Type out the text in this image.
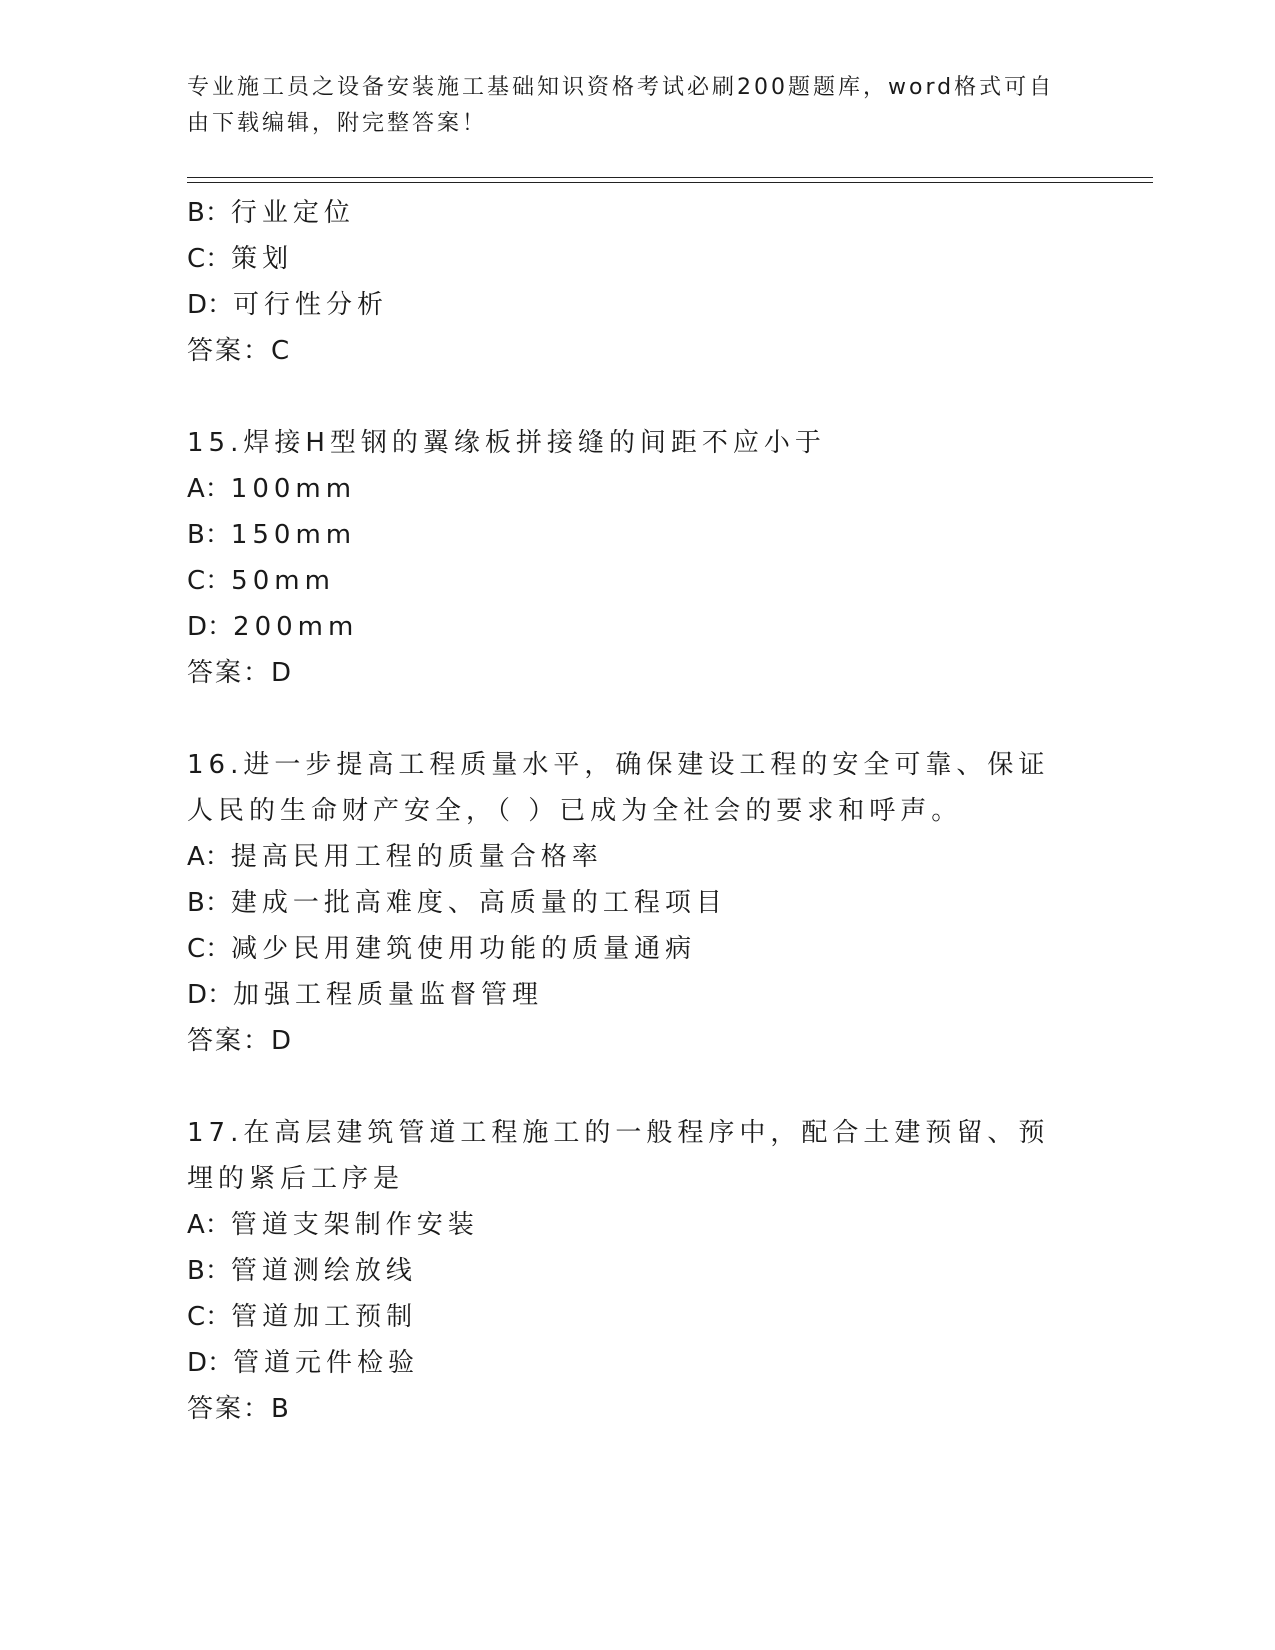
专业施工员之设备安装施工基础知识资格考试必刷200题题库，word格式可自由下载编辑，附完整答案！
B：行业定位
C：策划
D：可行性分析
答案：C
15.焊接H型钢的翼缘板拼接缝的间距不应小于
A：100mm
B：150mm
C：50mm
D：200mm
答案：D
16.进一步提高工程质量水平，确保建设工程的安全可靠、保证人民的生命财产安全，（ ）已成为全社会的要求和呼声。
A：提高民用工程的质量合格率
B：建成一批高难度、高质量的工程项目
C：减少民用建筑使用功能的质量通病
D：加强工程质量监督管理
答案：D
17.在高层建筑管道工程施工的一般程序中，配合土建预留、预埋的紧后工序是
A：管道支架制作安装
B：管道测绘放线
C：管道加工预制
D：管道元件检验
答案：B
